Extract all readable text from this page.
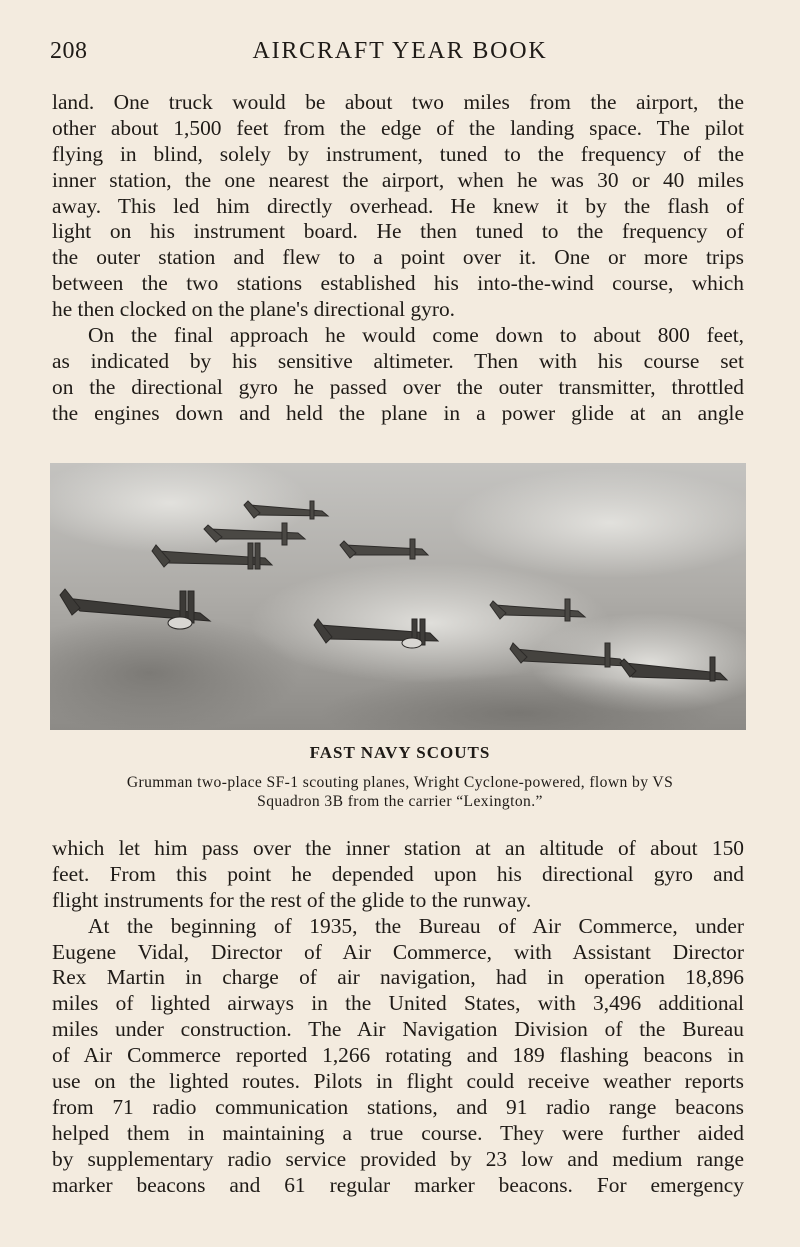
208	AIRCRAFT YEAR BOOK
land. One truck would be about two miles from the airport, the
other about 1,500 feet from the edge of the landing space. The pilot
flying in blind, solely by instrument, tuned to the frequency of the
inner station, the one nearest the airport, when he was 30 or 40 miles
away. This led him directly overhead. He knew it by the flash of
light on his instrument board. He then tuned to the frequency of
the outer station and flew to a point over it. One or more trips
between the two stations established his into-the-wind course, which
he then clocked on the plane's directional gyro.
On the final approach he would come down to about 800 feet,
as indicated by his sensitive altimeter. Then with his course set
on the directional gyro he passed over the outer transmitter, throttled
the engines down and held the plane in a power glide at an angle
FAST NAVY SCOUTS
Grumman two-place SF-1 scouting planes, Wright Cyclone-powered, flown by VS
Squadron 3B from the carrier “Lexington.”
which let him pass over the inner station at an altitude of about 150
feet. From this point he depended upon his directional gyro and
flight instruments for the rest of the glide to the runway.
At the beginning of 1935, the Bureau of Air Commerce, under
Eugene Vidal, Director of Air Commerce, with Assistant Director
Rex Martin in charge of air navigation, had in operation 18,896
miles of lighted airways in the United States, with 3,496 additional
miles under construction. The Air Navigation Division of the Bureau
of Air Commerce reported 1,266 rotating and 189 flashing beacons in
use on the lighted routes. Pilots in flight could receive weather reports
from 71 radio communication stations, and 91 radio range beacons
helped them in maintaining a true course. They were further aided
by supplementary radio service provided by 23 low and medium range
marker beacons and 61 regular marker beacons. For emergency
